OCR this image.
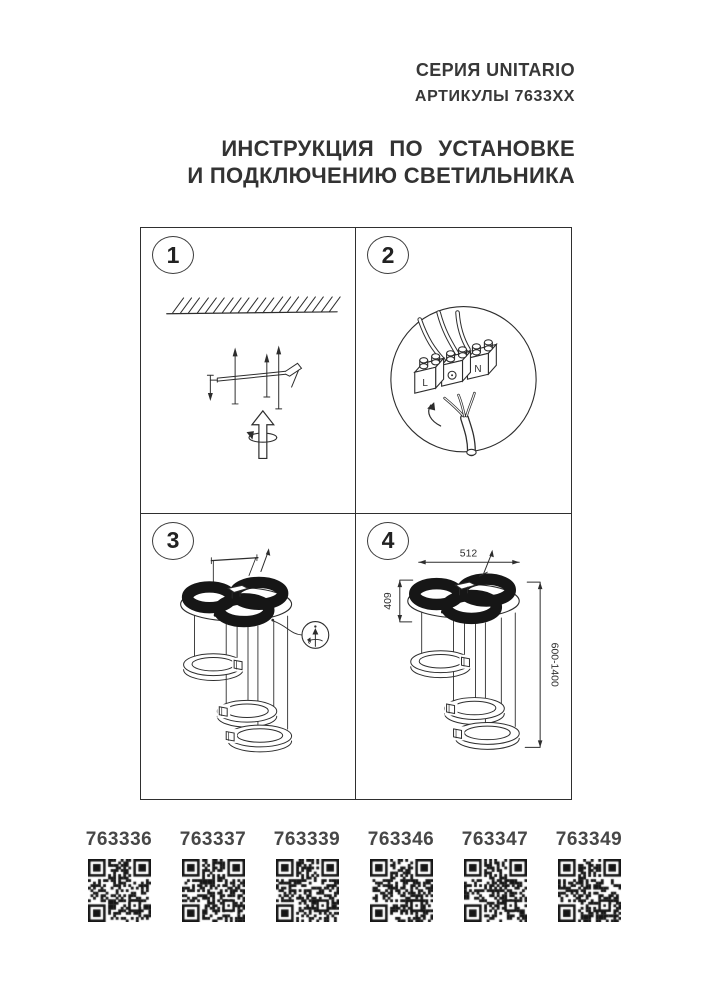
СЕРИЯ UNITARIO
АРТИКУЛЫ 7633ХХ
ИНСТРУКЦИЯ ПО УСТАНОВКЕ
И ПОДКЛЮЧЕНИЮ СВЕТИЛЬНИКА
1	2
N
L
3	4
512
409
600-1400
763336	763337	763339	763346	763347	763349
